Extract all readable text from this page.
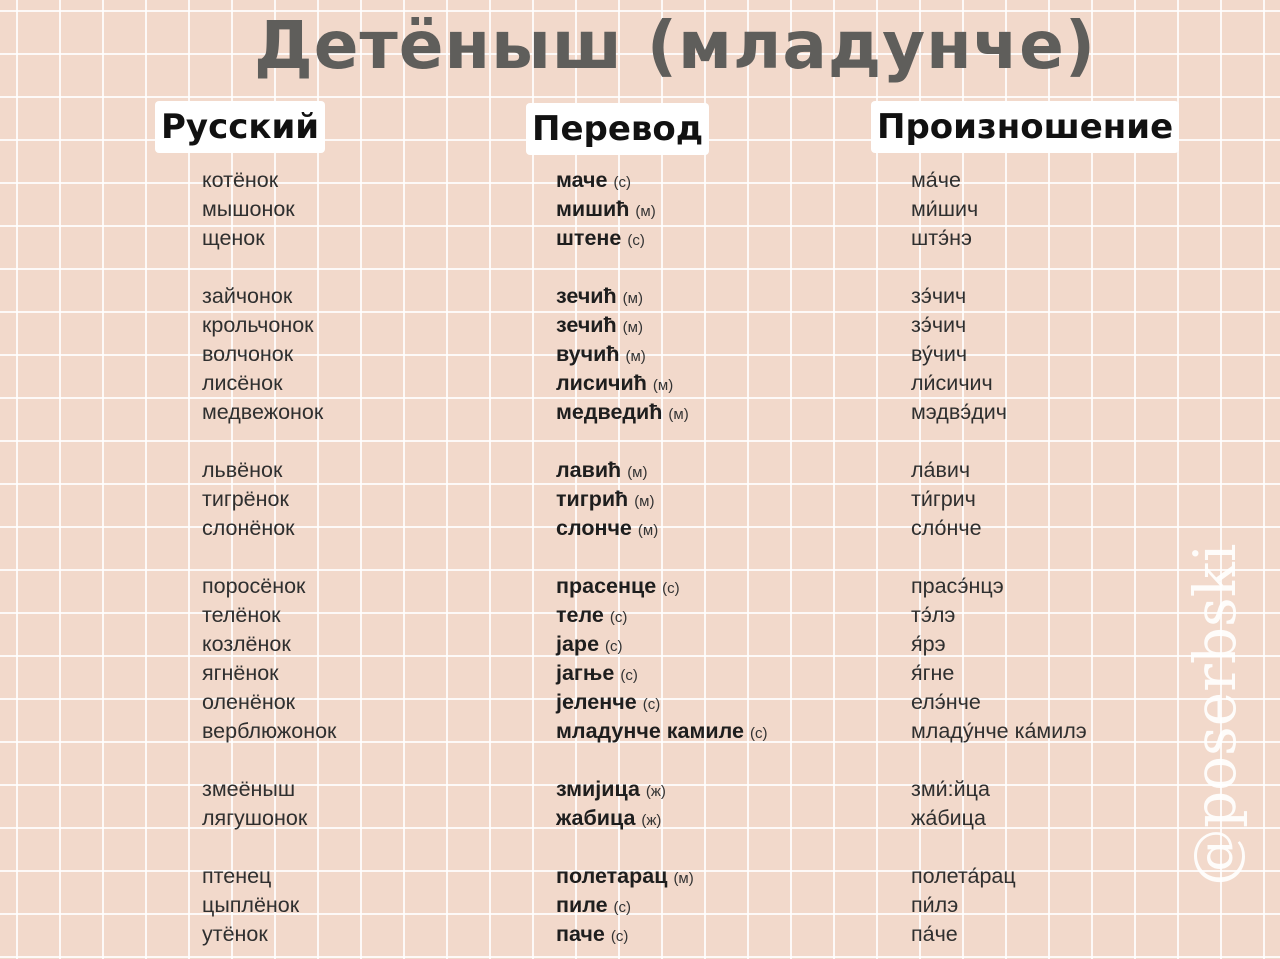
Детёныш (младунче)
Русский	Перевод	Произношение
котёнок
мышонок
щенок
зайчонок
крольчонок
волчонок
лисёнок
медвежонок
львёнок
тигрёнок
слонёнок
поросёнок
телёнок
козлёнок
ягнёнок
оленёнок
верблюжонок
змеёныш
лягушонок
птенец
цыплёнок
утёнок
маче (с)
мишић (м)
штене (с)
зечић (м)
зечић (м)
вучић (м)
лисичић (м)
медведић (м)
лавић (м)
тигрић (м)
слонче (м)
прасенце (с)
теле (с)
јаре (с)
јагње (с)
јеленче (с)
младунче камиле (с)
змијица (ж)
жабица (ж)
полетарац (м)
пиле (с)
паче (с)
ма́че
ми́шич
штэ́нэ
зэ́чич
зэ́чич
ву́чич
ли́сичич
мэдвэ́дич
ла́вич
ти́грич
сло́нче
прасэ́нцэ
тэ́лэ
я́рэ
я́гне
елэ́нче
младу́нче ка́милэ
зми́:йца
жа́бица
полета́рац
пи́лэ
па́че
@poserbski
